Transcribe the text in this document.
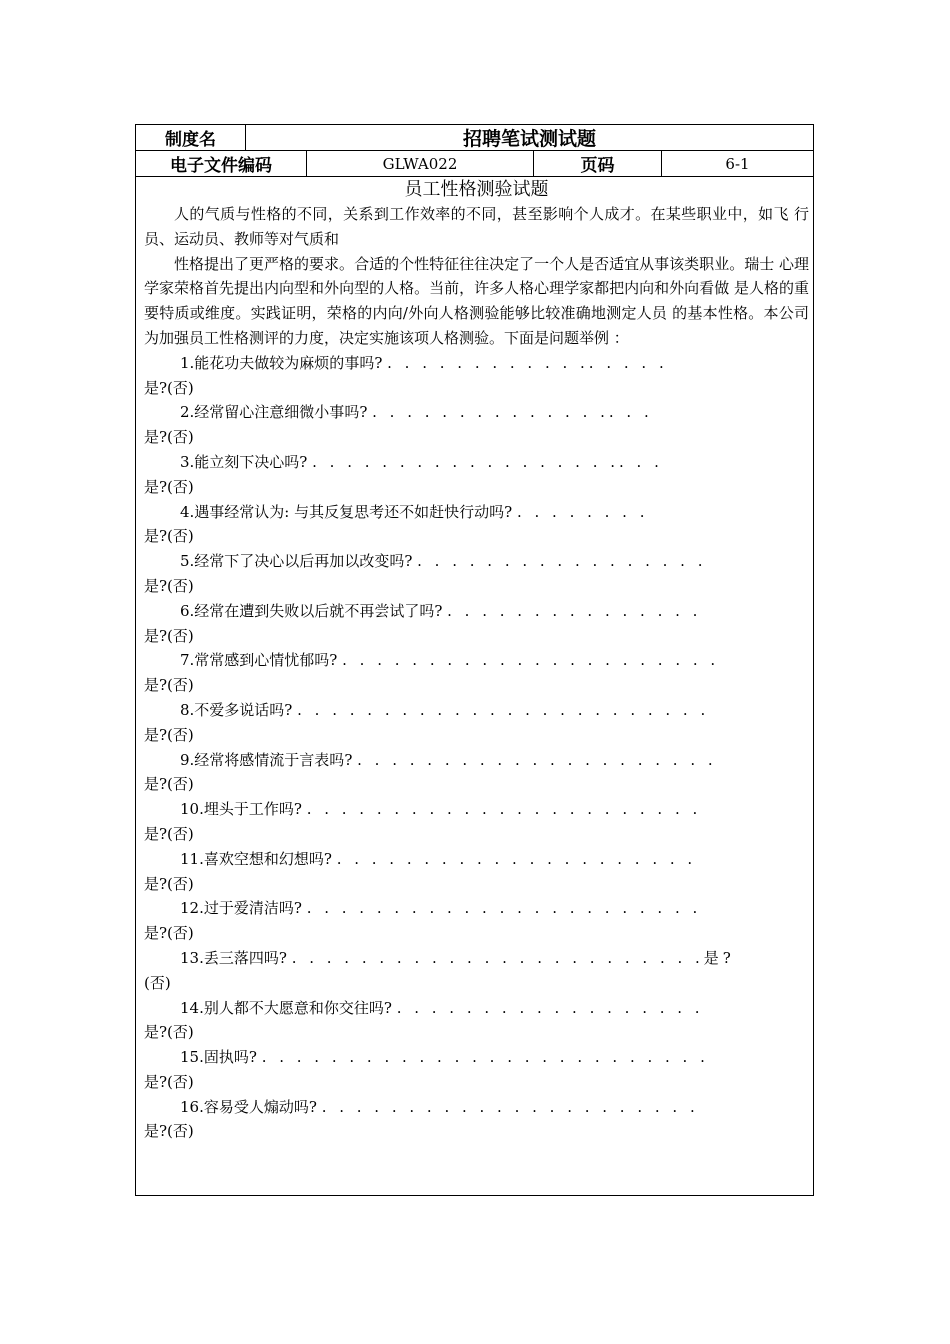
制度名	招聘笔试测试题
电子文件编码	GLWA022	页码	6-1
员工性格测验试题

人的气质与性格的不同，关系到工作效率的不同，甚至影响个人成才。在某些职业中，如飞 行员、运动员、教师等对气质和

性格提出了更严格的要求。合适的个性特征往往决定了一个人是否适宜从事该类职业。瑞士 心理学家荣格首先提出内向型和外向型的人格。当前，许多人格心理学家都把内向和外向看做 是人格的重要特质或维度。实践证明，荣格的内向/外向人格测验能够比较准确地测定人员 的基本性格。本公司为加强员工性格测评的力度，决定实施该项人格测验。下面是问题举例 ：

1.能花功夫做较为麻烦的事吗? . . . . . . . . . . . .. . . . .
是?(否)
2.经常留心注意细微小事吗? . . . . . . . . . . . . . .. . .
是?(否)
3.能立刻下决心吗? . . . . . . . . . . . . . . . . . .. . .
是?(否)
4.遇事经常认为: 与其反复思考还不如赶快行动吗? . . . . . . . .
是?(否)
5.经常下了决心以后再加以改变吗? . . . . . . . . . . . . . . . . .
是?(否)
6.经常在遭到失败以后就不再尝试了吗? . . . . . . . . . . . . . . .
是?(否)
7.常常感到心情忧郁吗? . . . . . . . . . . . . . . . . . . . . . .
是?(否)
8.不爱多说话吗? . . . . . . . . . . . . . . . . . . . . . . . .
是?(否)
9.经常将感情流于言表吗? . . . . . . . . . . . . . . . . . . . . .
是?(否)
10.埋头于工作吗? . . . . . . . . . . . . . . . . . . . . . . .
是?(否)
11.喜欢空想和幻想吗? . . . . . . . . . . . . . . . . . . . . .
是?(否)
12.过于爱清洁吗? . . . . . . . . . . . . . . . . . . . . . . .
是?(否)
13.丢三落四吗? . . . . . . . . . . . . . . . . . . . . . . . .是?
(否)
14.别人都不大愿意和你交往吗? . . . . . . . . . . . . . . . . . .
是?(否)
15.固执吗? . . . . . . . . . . . . . . . . . . . . . . . . . .
是?(否)
16.容易受人煽动吗? . . . . . . . . . . . . . . . . . . . . . .
是?(否)
